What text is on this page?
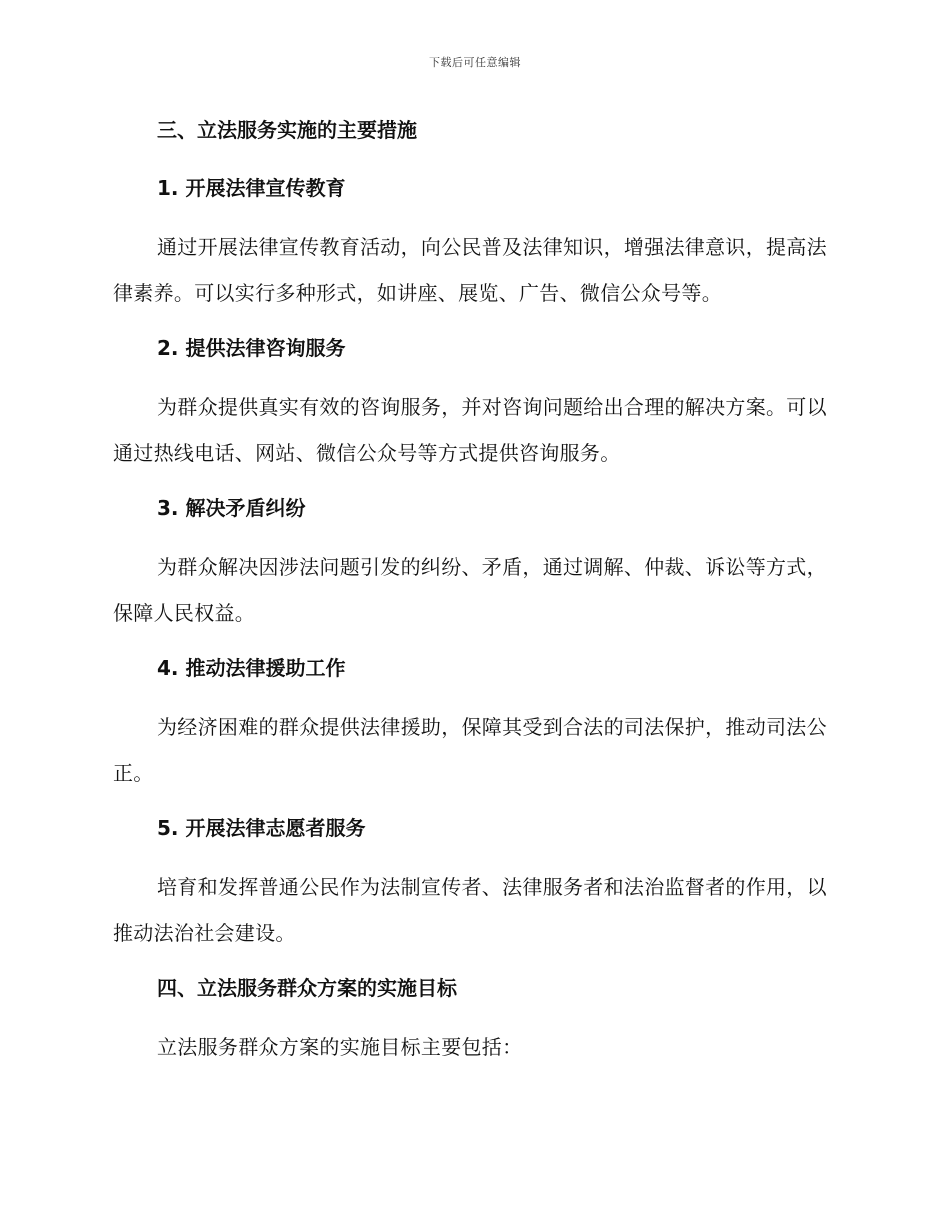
下载后可任意编辑
三、立法服务实施的主要措施
1. 开展法律宣传教育

通过开展法律宣传教育活动，向公民普及法律知识，增强法律意识，提高法律素养。可以实行多种形式，如讲座、展览、广告、微信公众号等。

2. 提供法律咨询服务

为群众提供真实有效的咨询服务，并对咨询问题给出合理的解决方案。可以通过热线电话、网站、微信公众号等方式提供咨询服务。

3. 解决矛盾纠纷

为群众解决因涉法问题引发的纠纷、矛盾，通过调解、仲裁、诉讼等方式，保障人民权益。

4. 推动法律援助工作

为经济困难的群众提供法律援助，保障其受到合法的司法保护，推动司法公正。

5. 开展法律志愿者服务

培育和发挥普通公民作为法制宣传者、法律服务者和法治监督者的作用，以推动法治社会建设。

四、立法服务群众方案的实施目标

立法服务群众方案的实施目标主要包括：
